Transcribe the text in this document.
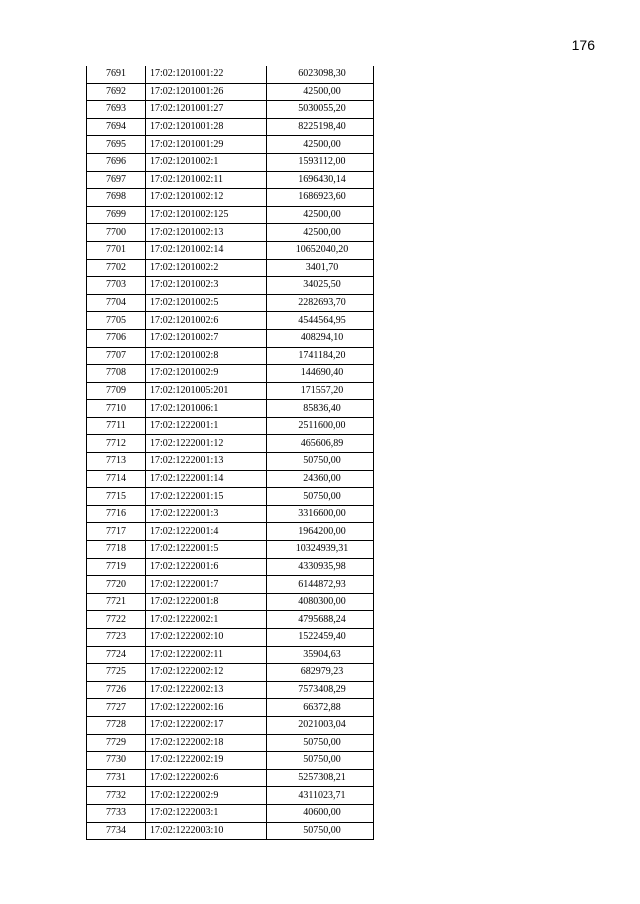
176
7691	17:02:1201001:22	6023098,30
7692	17:02:1201001:26	42500,00
7693	17:02:1201001:27	5030055,20
7694	17:02:1201001:28	8225198,40
7695	17:02:1201001:29	42500,00
7696	17:02:1201002:1	1593112,00
7697	17:02:1201002:11	1696430,14
7698	17:02:1201002:12	1686923,60
7699	17:02:1201002:125	42500,00
7700	17:02:1201002:13	42500,00
7701	17:02:1201002:14	10652040,20
7702	17:02:1201002:2	3401,70
7703	17:02:1201002:3	34025,50
7704	17:02:1201002:5	2282693,70
7705	17:02:1201002:6	4544564,95
7706	17:02:1201002:7	408294,10
7707	17:02:1201002:8	1741184,20
7708	17:02:1201002:9	144690,40
7709	17:02:1201005:201	171557,20
7710	17:02:1201006:1	85836,40
7711	17:02:1222001:1	2511600,00
7712	17:02:1222001:12	465606,89
7713	17:02:1222001:13	50750,00
7714	17:02:1222001:14	24360,00
7715	17:02:1222001:15	50750,00
7716	17:02:1222001:3	3316600,00
7717	17:02:1222001:4	1964200,00
7718	17:02:1222001:5	10324939,31
7719	17:02:1222001:6	4330935,98
7720	17:02:1222001:7	6144872,93
7721	17:02:1222001:8	4080300,00
7722	17:02:1222002:1	4795688,24
7723	17:02:1222002:10	1522459,40
7724	17:02:1222002:11	35904,63
7725	17:02:1222002:12	682979,23
7726	17:02:1222002:13	7573408,29
7727	17:02:1222002:16	66372,88
7728	17:02:1222002:17	2021003,04
7729	17:02:1222002:18	50750,00
7730	17:02:1222002:19	50750,00
7731	17:02:1222002:6	5257308,21
7732	17:02:1222002:9	4311023,71
7733	17:02:1222003:1	40600,00
7734	17:02:1222003:10	50750,00
